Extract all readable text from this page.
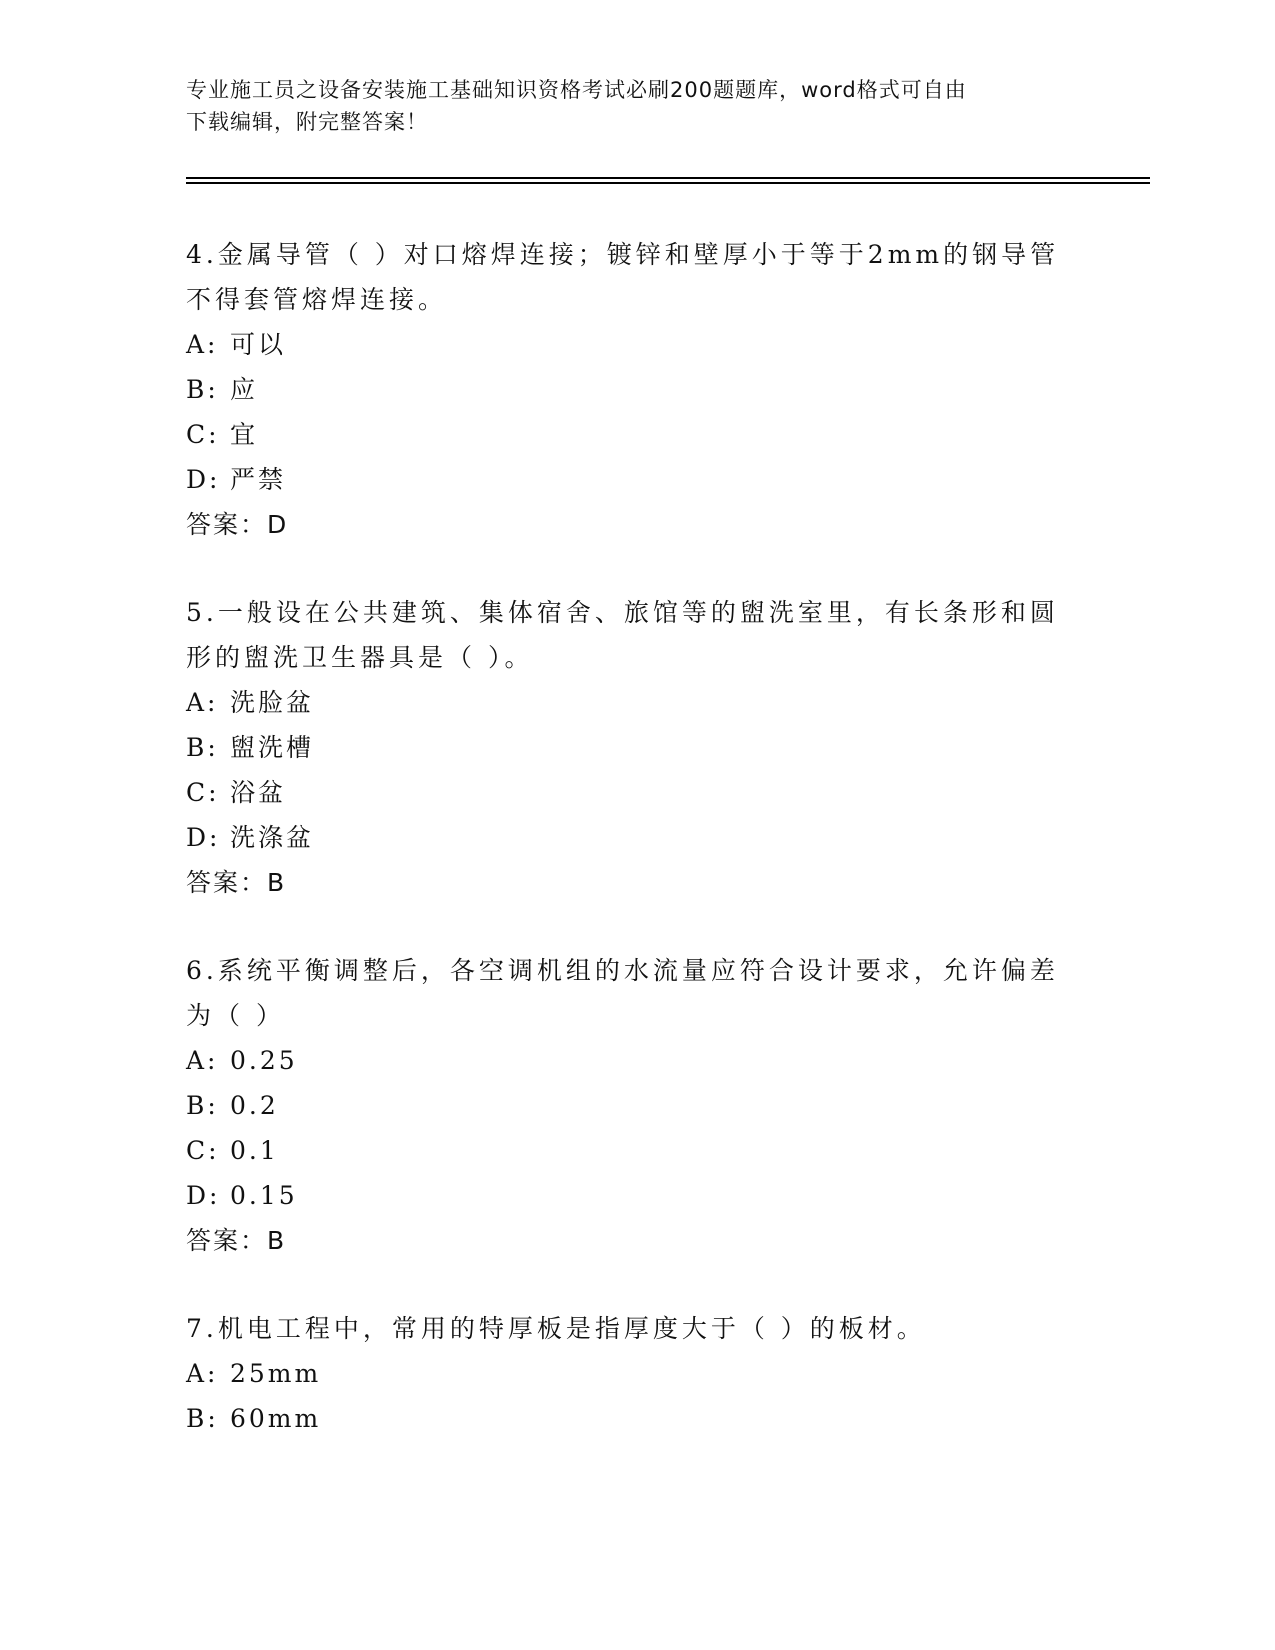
专业施工员之设备安装施工基础知识资格考试必刷200题题库，word格式可自由
下载编辑，附完整答案！

4.金属导管（ ）对口熔焊连接；镀锌和壁厚小于等于2mm的钢导管不得套管熔焊连接。

A: 可以
B: 应
C: 宜
D: 严禁
答案：D

5.一般设在公共建筑、集体宿舍、旅馆等的盥洗室里，有长条形和圆形的盥洗卫生器具是（ ）。

A: 洗脸盆
B: 盥洗槽
C: 浴盆
D: 洗涤盆
答案：B

6.系统平衡调整后，各空调机组的水流量应符合设计要求，允许偏差为（ ）

A: 0.25
B: 0.2
C: 0.1
D: 0.15
答案：B

7.机电工程中，常用的特厚板是指厚度大于（ ）的板材。

A: 25mm
B: 60mm
